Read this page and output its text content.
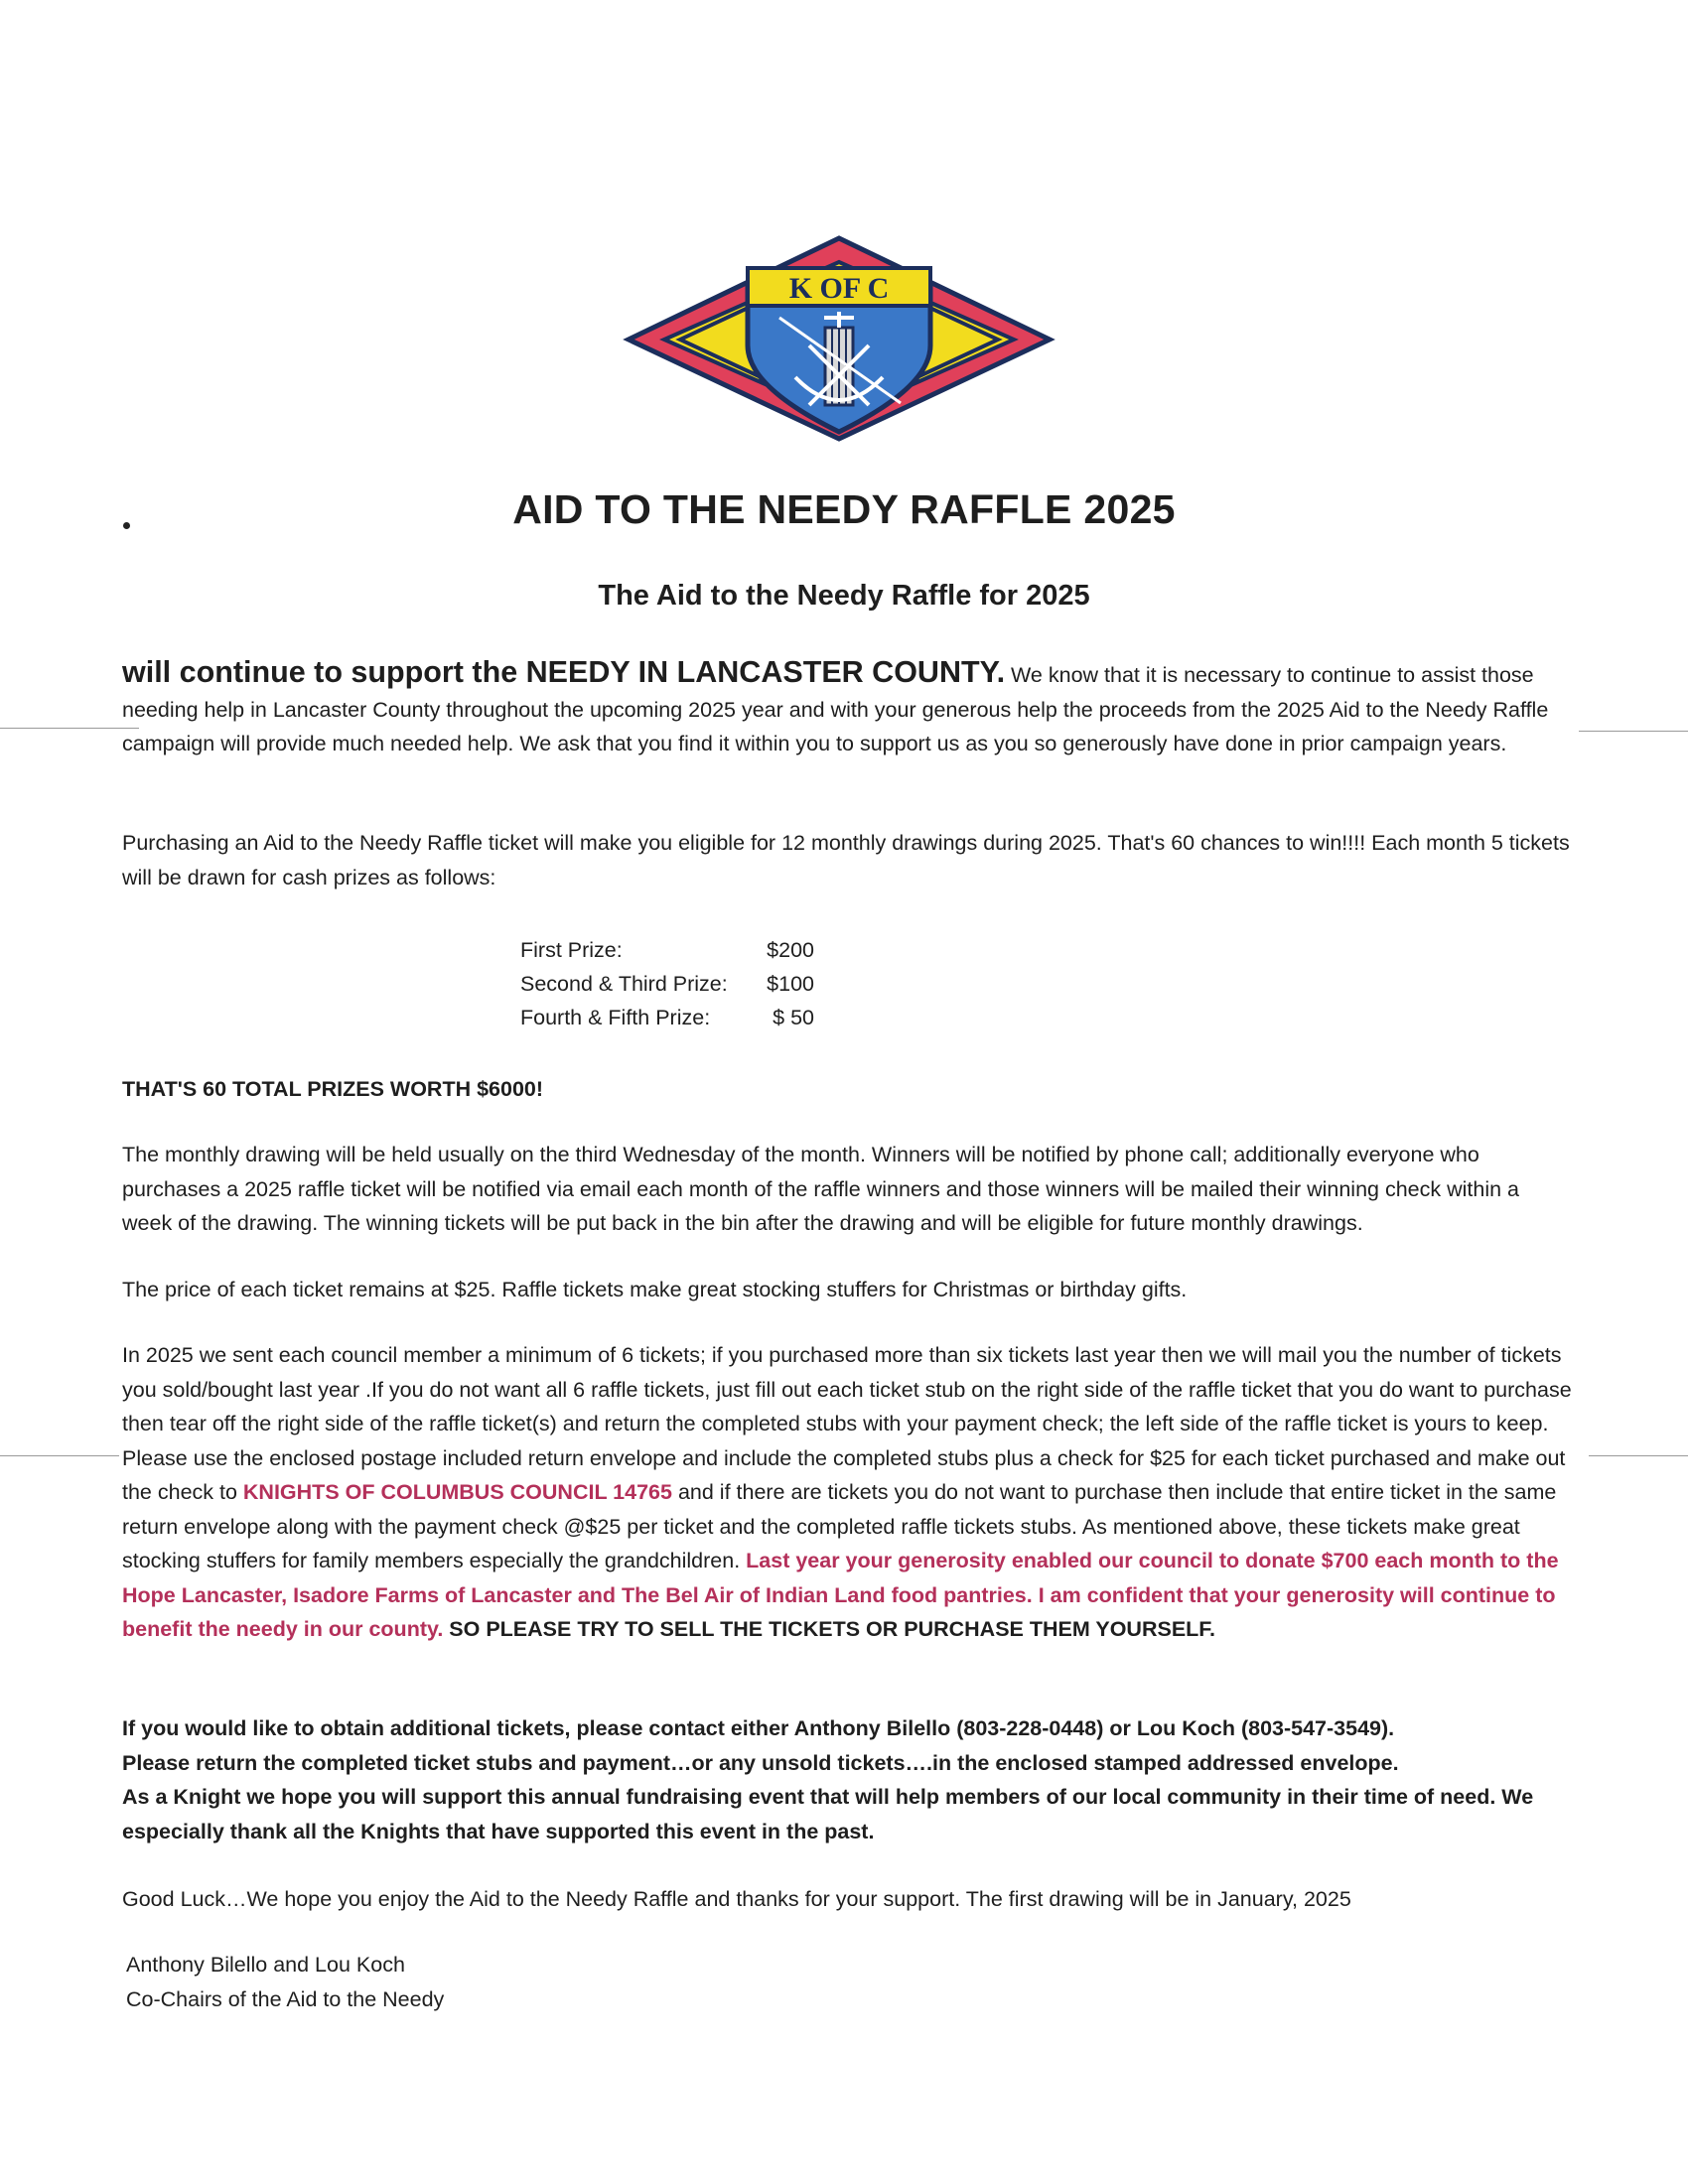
K OF C
AID TO THE NEEDY RAFFLE 2025
The Aid to the Needy Raffle for 2025
will continue to support the NEEDY IN LANCASTER COUNTY. We know that it is necessary to continue to assist those needing help in Lancaster County throughout the upcoming 2025 year and with your generous help the proceeds from the 2025 Aid to the Needy Raffle campaign will provide much needed help. We ask that you find it within you to support us as you so generously have done in prior campaign years.
Purchasing an Aid to the Needy Raffle ticket will make you eligible for 12 monthly drawings during 2025. That's 60 chances to win!!!! Each month 5 tickets will be drawn for cash prizes as follows:
First Prize:	$200
Second & Third Prize:	$100
Fourth & Fifth Prize:	$ 50
THAT'S 60 TOTAL PRIZES WORTH $6000!
The monthly drawing will be held usually on the third Wednesday of the month. Winners will be notified by phone call; additionally everyone who purchases a 2025 raffle ticket will be notified via email each month of the raffle winners and those winners will be mailed their winning check within a week of the drawing. The winning tickets will be put back in the bin after the drawing and will be eligible for future monthly drawings.
The price of each ticket remains at $25. Raffle tickets make great stocking stuffers for Christmas or birthday gifts.
In 2025 we sent each council member a minimum of 6 tickets; if you purchased more than six tickets last year then we will mail you the number of tickets you sold/bought last year .If you do not want all 6 raffle tickets, just fill out each ticket stub on the right side of the raffle ticket that you do want to purchase then tear off the right side of the raffle ticket(s) and return the completed stubs with your payment check; the left side of the raffle ticket is yours to keep. Please use the enclosed postage included return envelope and include the completed stubs plus a check for $25 for each ticket purchased and make out the check to KNIGHTS OF COLUMBUS COUNCIL 14765 and if there are tickets you do not want to purchase then include that entire ticket in the same return envelope along with the payment check @$25 per ticket and the completed raffle tickets stubs. As mentioned above, these tickets make great stocking stuffers for family members especially the grandchildren. Last year your generosity enabled our council to donate $700 each month to the Hope Lancaster, Isadore Farms of Lancaster and The Bel Air of Indian Land food pantries. I am confident that your generosity will continue to benefit the needy in our county. SO PLEASE TRY TO SELL THE TICKETS OR PURCHASE THEM YOURSELF.
If you would like to obtain additional tickets, please contact either Anthony Bilello (803-228-0448) or Lou Koch (803-547-3549).
Please return the completed ticket stubs and payment…or any unsold tickets….in the enclosed stamped addressed envelope.
As a Knight we hope you will support this annual fundraising event that will help members of our local community in their time of need. We especially thank all the Knights that have supported this event in the past.
Good Luck…We hope you enjoy the Aid to the Needy Raffle and thanks for your support. The first drawing will be in January, 2025
Anthony Bilello and Lou Koch
Co-Chairs of the Aid to the Needy
